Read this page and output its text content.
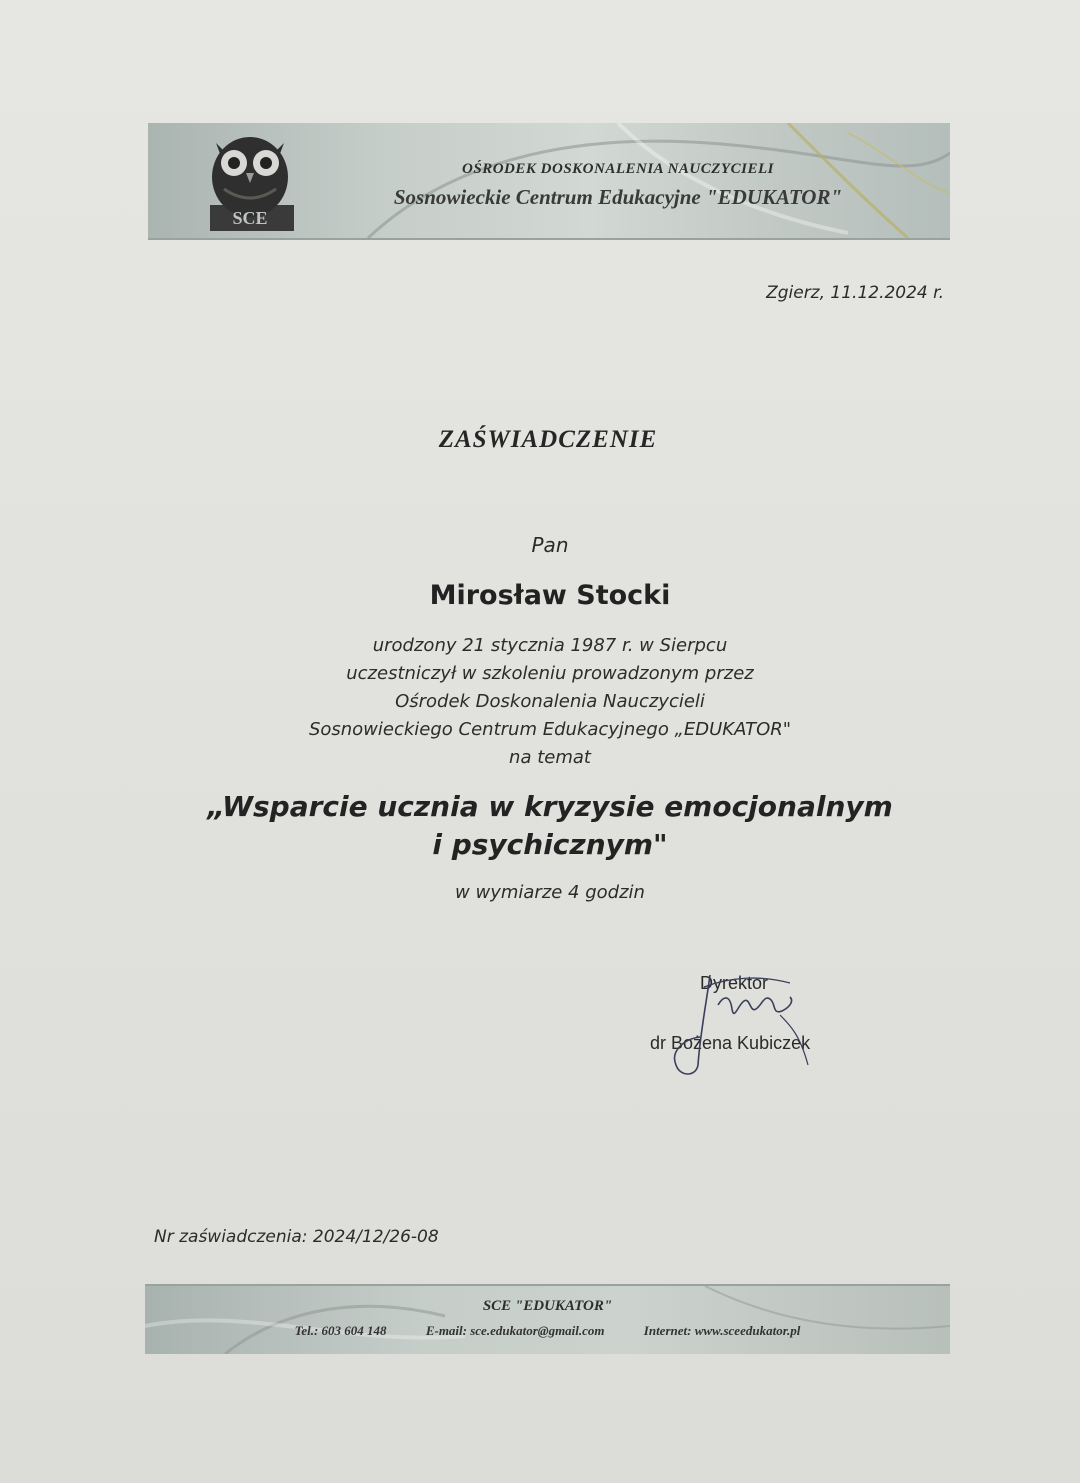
SCE
OŚRODEK DOSKONALENIA NAUCZYCIELI
Sosnowieckie Centrum Edukacyjne "EDUKATOR"
Zgierz, 11.12.2024 r.
ZAŚWIADCZENIE
Pan
Mirosław Stocki
urodzony 21 stycznia 1987 r. w Sierpcu
uczestniczył w szkoleniu prowadzonym przez
Ośrodek Doskonalenia Nauczycieli
Sosnowieckiego Centrum Edukacyjnego „EDUKATOR"
na temat
„Wsparcie ucznia w kryzysie emocjonalnym
i psychicznym"
w wymiarze 4 godzin
Dyrektor
dr Bożena Kubiczek
Nr zaświadczenia: 2024/12/26-08
SCE "EDUKATOR"
Tel.: 603 604 148	E-mail: sce.edukator@gmail.com	Internet: www.sceedukator.pl
